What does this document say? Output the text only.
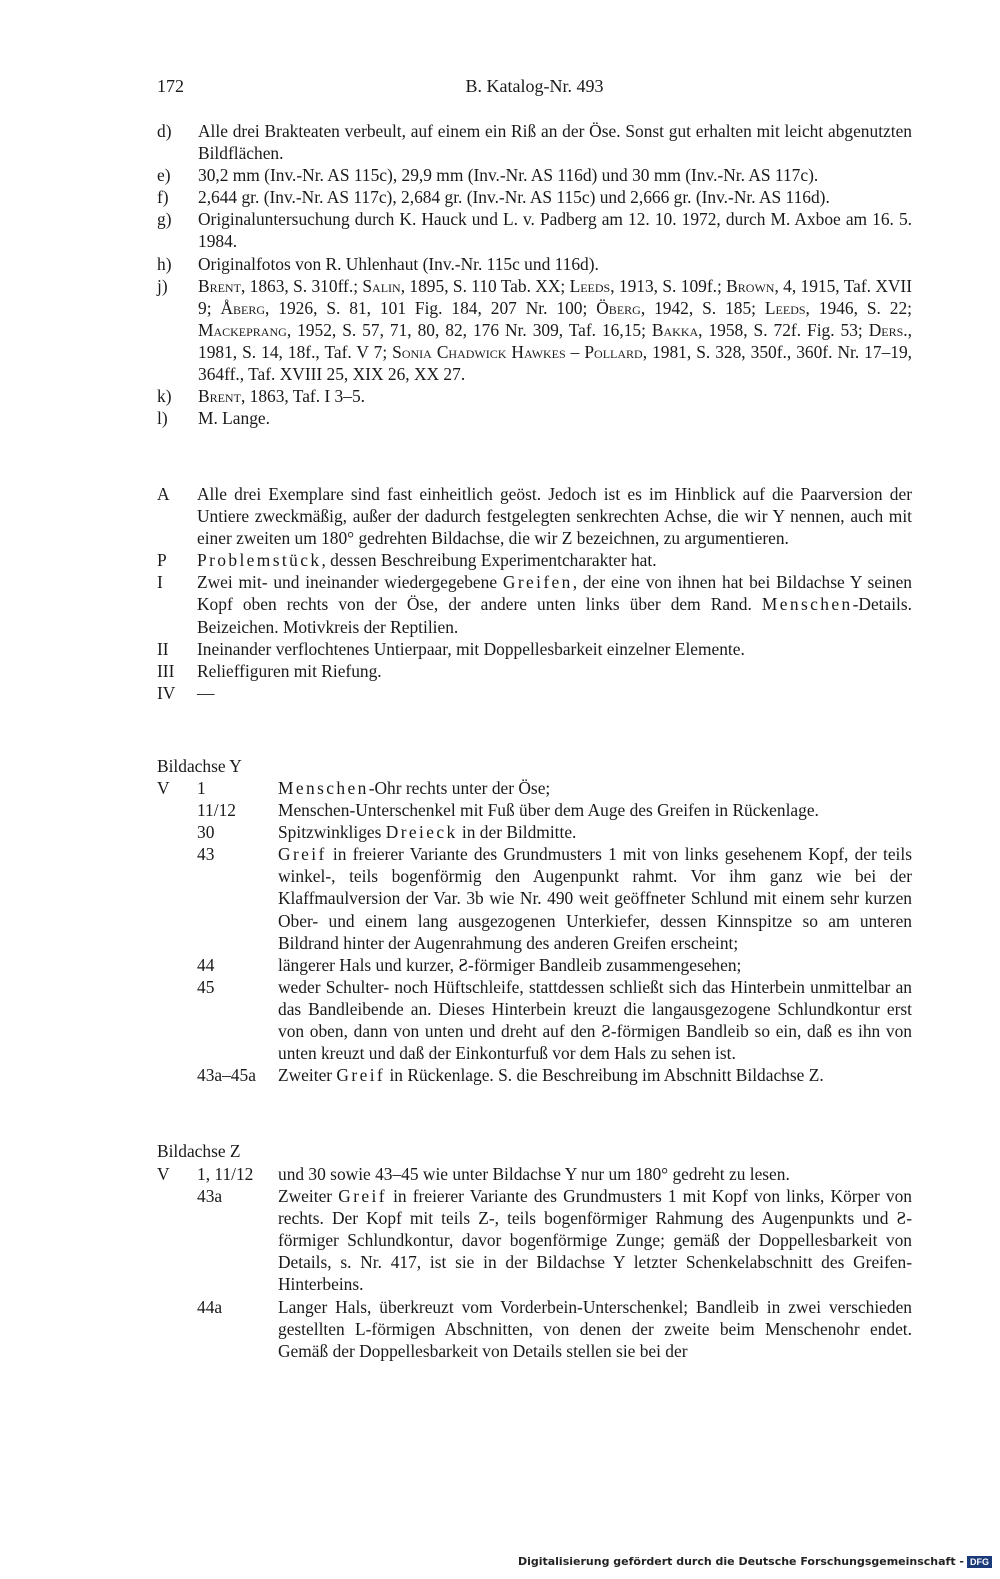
172	B. Katalog-Nr. 493
d)	Alle drei Brakteaten verbeult, auf einem ein Riß an der Öse. Sonst gut erhalten mit leicht abgenutzten Bildflächen.
e)	30,2 mm (Inv.-Nr. AS 115c), 29,9 mm (Inv.-Nr. AS 116d) und 30 mm (Inv.-Nr. AS 117c).
f)	2,644 gr. (Inv.-Nr. AS 117c), 2,684 gr. (Inv.-Nr. AS 115c) und 2,666 gr. (Inv.-Nr. AS 116d).
g)	Originaluntersuchung durch K. Hauck und L. v. Padberg am 12. 10. 1972, durch M. Axboe am 16. 5. 1984.
h)	Originalfotos von R. Uhlenhaut (Inv.-Nr. 115c und 116d).
j)	Brent, 1863, S. 310ff.; Salin, 1895, S. 110 Tab. XX; Leeds, 1913, S. 109f.; Brown, 4, 1915, Taf. XVII 9; Åberg, 1926, S. 81, 101 Fig. 184, 207 Nr. 100; Öberg, 1942, S. 185; Leeds, 1946, S. 22; Mackeprang, 1952, S. 57, 71, 80, 82, 176 Nr. 309, Taf. 16,15; Bakka, 1958, S. 72f. Fig. 53; Ders., 1981, S. 14, 18f., Taf. V 7; Sonia Chadwick Hawkes – Pollard, 1981, S. 328, 350f., 360f. Nr. 17–19, 364ff., Taf. XVIII 25, XIX 26, XX 27.
k)	Brent, 1863, Taf. I 3–5.
l)	M. Lange.
A	Alle drei Exemplare sind fast einheitlich geöst. Jedoch ist es im Hinblick auf die Paarversion der Untiere zweckmäßig, außer der dadurch festgelegten senkrechten Achse, die wir Y nennen, auch mit einer zweiten um 180° gedrehten Bildachse, die wir Z bezeichnen, zu argumentieren.
P	Problemstück, dessen Beschreibung Experimentcharakter hat.
I	Zwei mit- und ineinander wiedergegebene Greifen, der eine von ihnen hat bei Bildachse Y seinen Kopf oben rechts von der Öse, der andere unten links über dem Rand. Menschen-Details. Beizeichen. Motivkreis der Reptilien.
II	Ineinander verflochtenes Untierpaar, mit Doppellesbarkeit einzelner Elemente.
III	Relieffiguren mit Riefung.
IV	––
Bildachse Y
V	1	Menschen-Ohr rechts unter der Öse;
11/12	Menschen-Unterschenkel mit Fuß über dem Auge des Greifen in Rückenlage.
30	Spitzwinkliges Dreieck in der Bildmitte.
43	Greif in freierer Variante des Grundmusters 1 mit von links gesehenem Kopf, der teils winkel-, teils bogenförmig den Augenpunkt rahmt. Vor ihm ganz wie bei der Klaffmaulversion der Var. 3b wie Nr. 490 weit geöffneter Schlund mit einem sehr kurzen Ober- und einem lang ausgezogenen Unterkiefer, dessen Kinnspitze so am unteren Bildrand hinter der Augenrahmung des anderen Greifen erscheint;
44	längerer Hals und kurzer, Ƨ-förmiger Bandleib zusammengesehen;
45	weder Schulter- noch Hüftschleife, stattdessen schließt sich das Hinterbein unmittelbar an das Bandleibende an. Dieses Hinterbein kreuzt die langausgezogene Schlundkontur erst von oben, dann von unten und dreht auf den Ƨ-förmigen Bandleib so ein, daß es ihn von unten kreuzt und daß der Einkonturfuß vor dem Hals zu sehen ist.
43a–45a	Zweiter Greif in Rückenlage. S. die Beschreibung im Abschnitt Bildachse Z.
Bildachse Z
V	1, 11/12	und 30 sowie 43–45 wie unter Bildachse Y nur um 180° gedreht zu lesen.
43a	Zweiter Greif in freierer Variante des Grundmusters 1 mit Kopf von links, Körper von rechts. Der Kopf mit teils Z-, teils bogenförmiger Rahmung des Augenpunkts und Ƨ-förmiger Schlundkontur, davor bogenförmige Zunge; gemäß der Doppellesbarkeit von Details, s. Nr. 417, ist sie in der Bildachse Y letzter Schenkelabschnitt des Greifen-Hinterbeins.
44a	Langer Hals, überkreuzt vom Vorderbein-Unterschenkel; Bandleib in zwei verschieden gestellten L-förmigen Abschnitten, von denen der zweite beim Menschenohr endet. Gemäß der Doppellesbarkeit von Details stellen sie bei der
Digitalisierung gefördert durch die Deutsche Forschungsgemeinschaft - DFG
